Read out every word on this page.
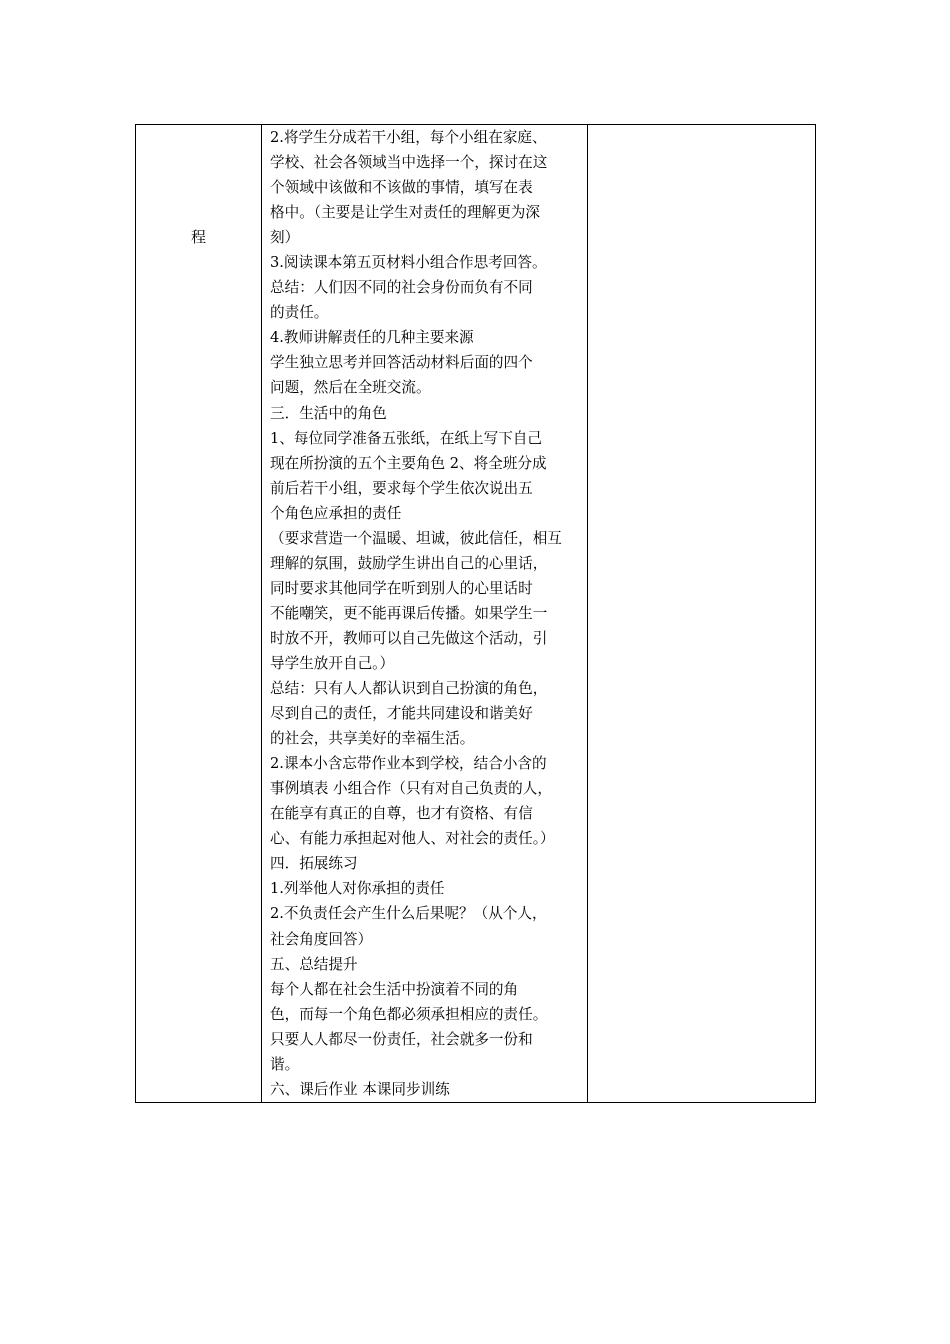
程

2.将学生分成若干小组，每个小组在家庭、
学校、社会各领域当中选择一个，探讨在这
个领域中该做和不该做的事情，填写在表
格中。（主要是让学生对责任的理解更为深
刻）
3.阅读课本第五页材料小组合作思考回答。
总结：人们因不同的社会身份而负有不同
的责任。
4.教师讲解责任的几种主要来源
学生独立思考并回答活动材料后面的四个
问题，然后在全班交流。
三．生活中的角色
1、每位同学准备五张纸，在纸上写下自己
现在所扮演的五个主要角色 2、将全班分成
前后若干小组，要求每个学生依次说出五
个角色应承担的责任
（要求营造一个温暖、坦诚，彼此信任，相互
理解的氛围，鼓励学生讲出自己的心里话，
同时要求其他同学在听到别人的心里话时
不能嘲笑，更不能再课后传播。如果学生一
时放不开，教师可以自己先做这个活动，引
导学生放开自己。）
总结：只有人人都认识到自己扮演的角色，
尽到自己的责任，才能共同建设和谐美好
的社会，共享美好的幸福生活。
2.课本小含忘带作业本到学校，结合小含的
事例填表 小组合作（只有对自己负责的人，
在能享有真正的自尊，也才有资格、有信
心、有能力承担起对他人、对社会的责任。）
四．拓展练习
1.列举他人对你承担的责任
2.不负责任会产生什么后果呢？（从个人，
社会角度回答）
五、总结提升
每个人都在社会生活中扮演着不同的角
色，而每一个角色都必须承担相应的责任。
只要人人都尽一份责任，社会就多一份和
谐。
六、课后作业 本课同步训练
